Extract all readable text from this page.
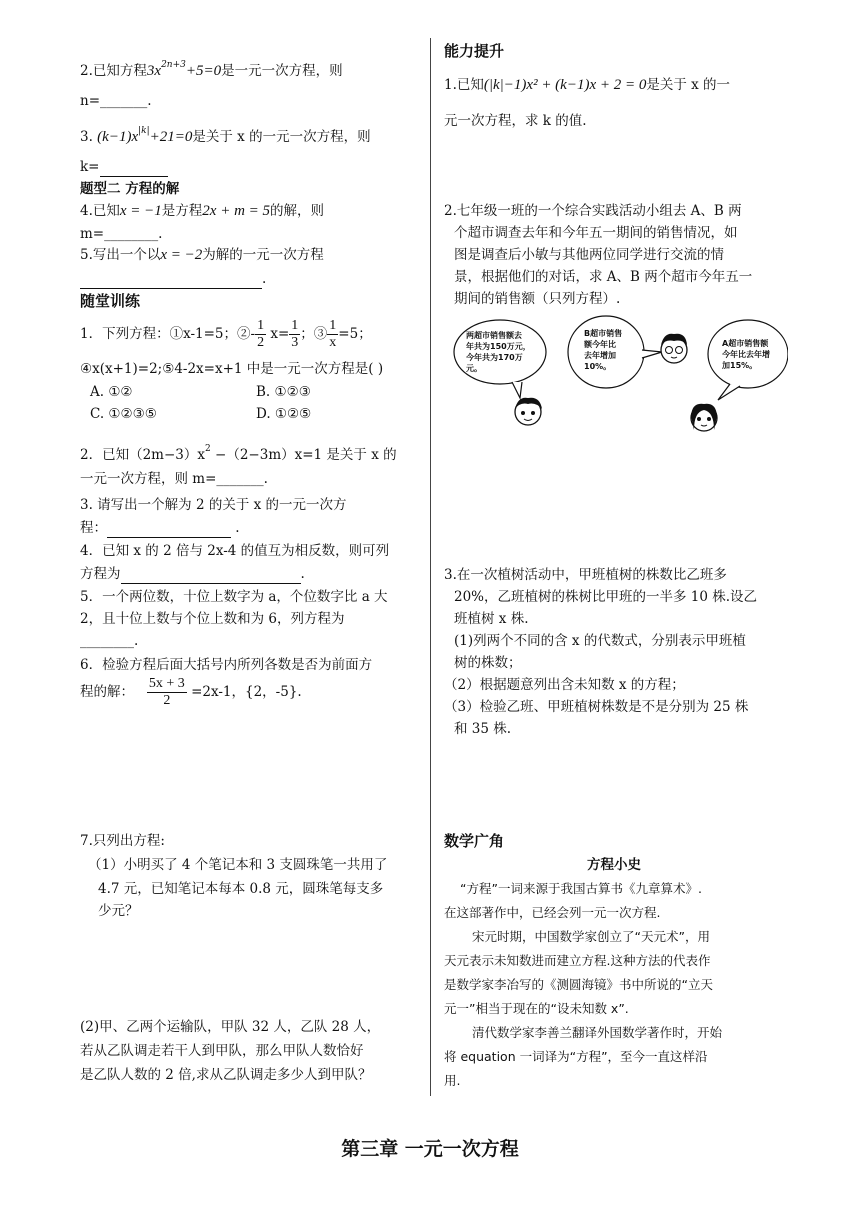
2.已知方程$3x^{2n+3}+5=0$是一元一次方程，则
n=_______.
3. $(k-1)x^{|k|}+21=0$是关于 x 的一元一次方程，则
k=
题型二 方程的解
4.已知x = −1是方程2x + m = 5的解，则
m=________.
5.写出一个以x = −2为解的一元一次方程
.
随堂训练
1．下列方程：①x-1=5；②- $\frac{1}{2} x= \frac{1}{3}$ ；③ $\frac{1}{x} =5$；
④x(x+1)=2;⑤4-2x=x+1 中是一元一次方程是( )
A. ①②	B. ①②③
C. ①②③⑤	D. ①②⑤
2．已知$(2m-3)x^2 -(2-3m)x=1$ 是关于 x 的
一元一次方程，则 m=_______.
3. 请写出一个解为 2 的关于 x 的一元一次方
程：	.
4．已知 x 的 2 倍与 2x-4 的值互为相反数，则可列
方程为	.
5．一个两位数，十位上数字为 a，个位数字比 a 大
2，且十位上数与个位上数和为 6，列方程为
________.
6．检验方程后面大括号内所列各数是否为前面方
程的解： $\frac{5x + 3}{2} =2x-1$，{2，-5}.
7.只列出方程:
（1）小明买了 4 个笔记本和 3 支圆珠笔一共用了
4.7 元，已知笔记本每本 0.8 元，圆珠笔每支多
少元？
(2)甲、乙两个运输队，甲队 32 人，乙队 28 人，
若从乙队调走若干人到甲队，那么甲队人数恰好
是乙队人数的 2 倍,求从乙队调走多少人到甲队？
能力提升
1.已知(|k|−1)x² + (k−1)x + 2 = 0是关于 x 的一
元一次方程，求 k 的值.
2.七年级一班的一个综合实践活动小组去 A、B 两
个超市调查去年和今年五一期间的销售情况，如
图是调查后小敏与其他两位同学进行交流的情
景，根据他们的对话，求 A、B 两个超市今年五一
期间的销售额（只列方程）.
两超市销售额去
年共为150万元，
今年共为170万
元。
B超市销售
额今年比
去年增加
10%。
A超市销售额
今年比去年增
加15%。
3.在一次植树活动中，甲班植树的株数比乙班多
20%，乙班植树的株树比甲班的一半多 10 株.设乙
班植树 x 株.
(1)列两个不同的含 x 的代数式，分别表示甲班植
树的株数；
（2）根据题意列出含未知数 x 的方程；
（3）检验乙班、甲班植树株数是不是分别为 25 株
和 35 株.
数学广角
方程小史
“方程”一词来源于我国古算书《九章算术》.
在这部著作中，已经会列一元一次方程.
宋元时期，中国数学家创立了“天元术”，用
天元表示未知数进而建立方程.这种方法的代表作
是数学家李冶写的《测圆海镜》书中所说的“立天
元一”相当于现在的“设未知数 x”.
清代数学家李善兰翻译外国数学著作时，开始
将 equation 一词译为“方程”，至今一直这样沿
用.
第三章 一元一次方程
